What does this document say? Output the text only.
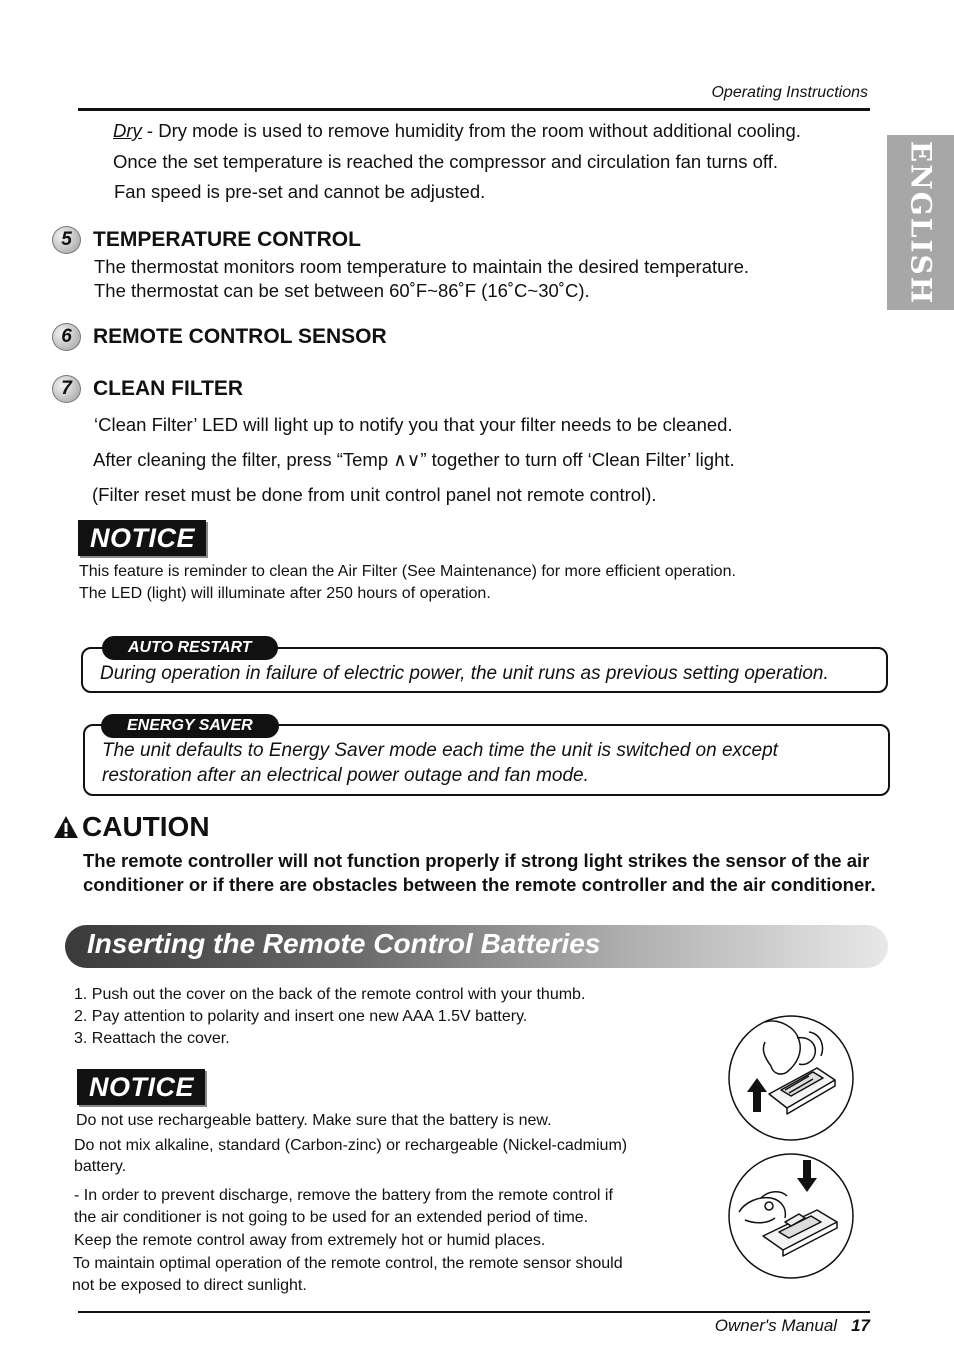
Operating Instructions
ENGLISH
Dry - Dry mode is used to remove humidity from the room without additional cooling.
Once the set temperature is reached the compressor and circulation fan turns off.
Fan speed is pre-set and cannot be adjusted.
5	TEMPERATURE CONTROL
The thermostat monitors room temperature to maintain the desired temperature.
The thermostat can be set between 60˚F~86˚F (16˚C~30˚C).
6	REMOTE CONTROL SENSOR
7	CLEAN FILTER
‘Clean Filter’ LED will light up to notify you that your filter needs to be cleaned.
After cleaning the filter, press “Temp ∧∨” together to turn off ‘Clean Filter’ light.
(Filter reset must be done from unit control panel not remote control).
NOTICE
This feature is reminder to clean the Air Filter (See Maintenance) for more efficient operation.
The LED (light) will illuminate after 250 hours of operation.
AUTO RESTART
During operation in failure of electric power, the unit runs as previous setting operation.
ENERGY SAVER
The unit defaults to Energy Saver mode each time the unit is switched on except
restoration after an electrical power outage and fan mode.
CAUTION
The remote controller will not function properly if strong light strikes the sensor of the air
conditioner or if there are obstacles between the remote controller and the air conditioner.
Inserting the Remote Control Batteries
1. Push out the cover on the back of the remote control with your thumb.
2. Pay attention to polarity and insert one new AAA 1.5V battery.
3. Reattach the cover.
NOTICE
Do not use rechargeable battery. Make sure that the battery is new.
Do not mix alkaline, standard (Carbon-zinc) or rechargeable (Nickel-cadmium)
battery.
- In order to prevent discharge, remove the battery from the remote control if
the air conditioner is not going to be used for an extended period of time.
Keep the remote control away from extremely hot or humid places.
To maintain optimal operation of the remote control, the remote sensor should
not be exposed to direct sunlight.
Owner's Manual 17
